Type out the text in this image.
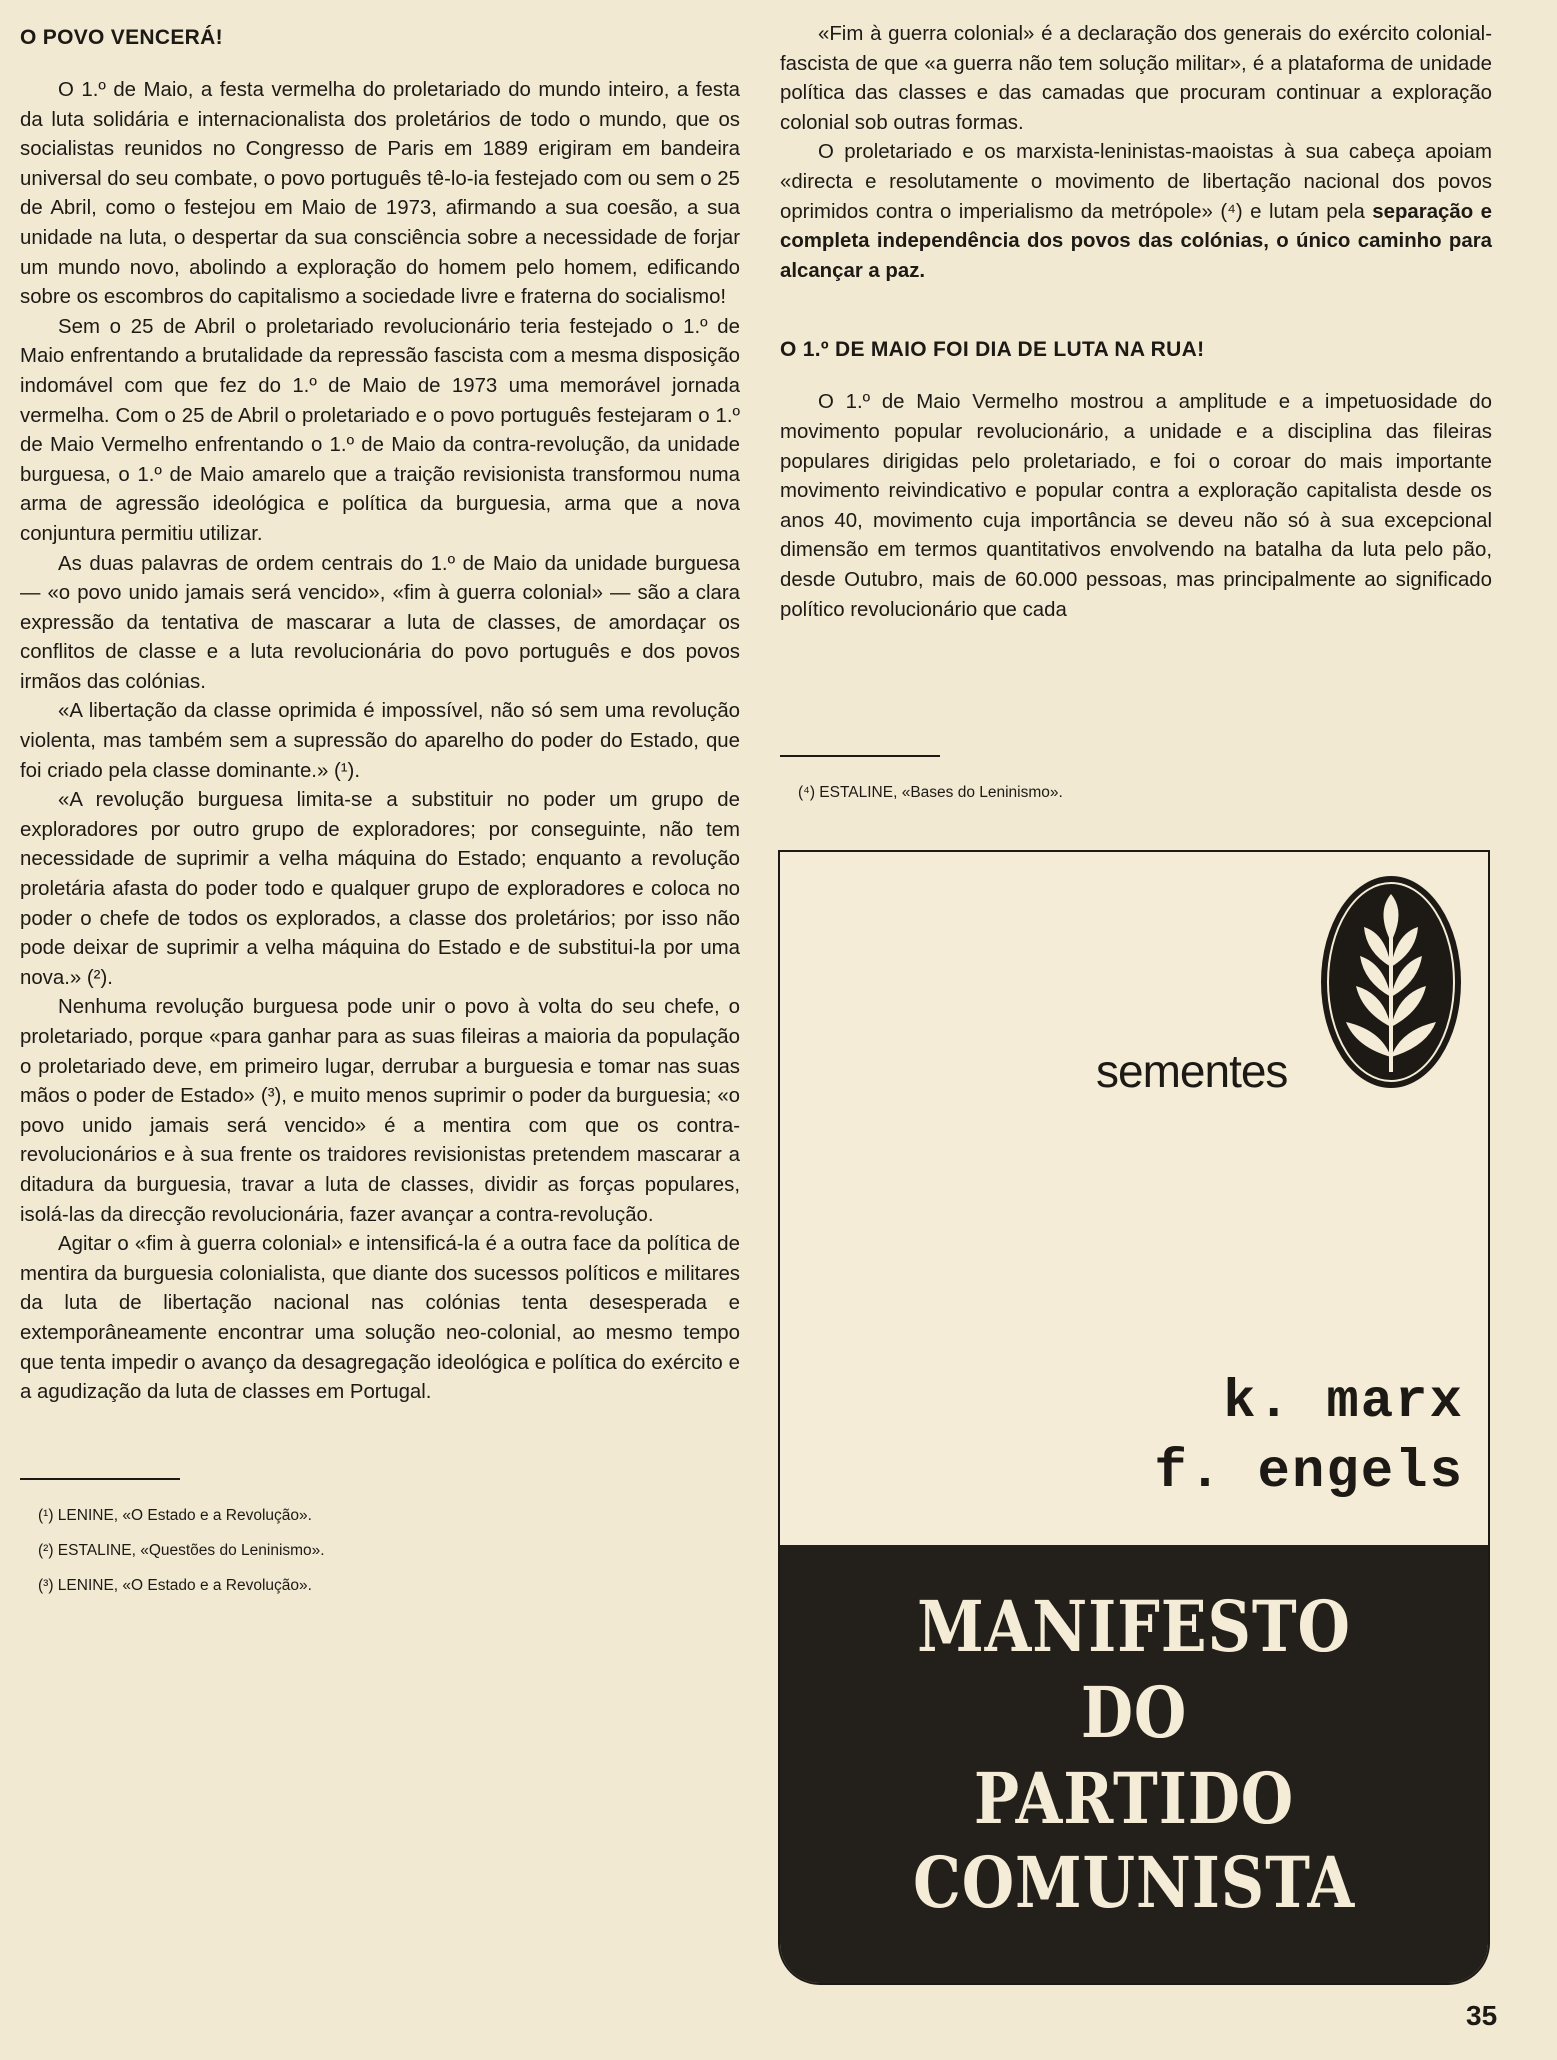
O POVO VENCERÁ!

O 1.º de Maio, a festa vermelha do proletariado do mundo inteiro, a festa da luta solidária e internacionalista dos proletários de todo o mundo, que os socialistas reunidos no Congresso de Paris em 1889 erigiram em bandeira universal do seu combate, o povo português tê-lo-ia festejado com ou sem o 25 de Abril, como o festejou em Maio de 1973, afirmando a sua coesão, a sua unidade na luta, o despertar da sua consciência sobre a necessidade de forjar um mundo novo, abolindo a exploração do homem pelo homem, edificando sobre os escombros do capitalismo a sociedade livre e fraterna do socialismo!

Sem o 25 de Abril o proletariado revolucionário teria festejado o 1.º de Maio enfrentando a brutalidade da repressão fascista com a mesma disposição indomável com que fez do 1.º de Maio de 1973 uma memorável jornada vermelha. Com o 25 de Abril o proletariado e o povo português festejaram o 1.º de Maio Vermelho enfrentando o 1.º de Maio da contra-revolução, da unidade burguesa, o 1.º de Maio amarelo que a traição revisionista transformou numa arma de agressão ideológica e política da burguesia, arma que a nova conjuntura permitiu utilizar.

As duas palavras de ordem centrais do 1.º de Maio da unidade burguesa — «o povo unido jamais será vencido», «fim à guerra colonial» — são a clara expressão da tentativa de mascarar a luta de classes, de amordaçar os conflitos de classe e a luta revolucionária do povo português e dos povos irmãos das colónias.

«A libertação da classe oprimida é impossível, não só sem uma revolução violenta, mas também sem a supressão do aparelho do poder do Estado, que foi criado pela classe dominante.» (¹).

«A revolução burguesa limita-se a substituir no poder um grupo de exploradores por outro grupo de exploradores; por conseguinte, não tem necessidade de suprimir a velha máquina do Estado; enquanto a revolução proletária afasta do poder todo e qualquer grupo de exploradores e coloca no poder o chefe de todos os explorados, a classe dos proletários; por isso não pode deixar de suprimir a velha máquina do Estado e de substitui-la por uma nova.» (²).

Nenhuma revolução burguesa pode unir o povo à volta do seu chefe, o proletariado, porque «para ganhar para as suas fileiras a maioria da população o proletariado deve, em primeiro lugar, derrubar a burguesia e tomar nas suas mãos o poder de Estado» (³), e muito menos suprimir o poder da burguesia; «o povo unido jamais será vencido» é a mentira com que os contra-revolucionários e à sua frente os traidores revisionistas pretendem mascarar a ditadura da burguesia, travar a luta de classes, dividir as forças populares, isolá-las da direcção revolucionária, fazer avançar a contra-revolução.

Agitar o «fim à guerra colonial» e intensificá-la é a outra face da política de mentira da burguesia colonialista, que diante dos sucessos políticos e militares da luta de libertação nacional nas colónias tenta desesperada e extemporâneamente encontrar uma solução neo-colonial, ao mesmo tempo que tenta impedir o avanço da desagregação ideológica e política do exército e a agudização da luta de classes em Portugal.

(¹) LENINE, «O Estado e a Revolução».
(²) ESTALINE, «Questões do Leninismo».
(³) LENINE, «O Estado e a Revolução».

«Fim à guerra colonial» é a declaração dos generais do exército colonial-fascista de que «a guerra não tem solução militar», é a plataforma de unidade política das classes e das camadas que procuram continuar a exploração colonial sob outras formas.

O proletariado e os marxista-leninistas-maoistas à sua cabeça apoiam «directa e resolutamente o movimento de libertação nacional dos povos oprimidos contra o imperialismo da metrópole» (⁴) e lutam pela separação e completa independência dos povos das colónias, o único caminho para alcançar a paz.

O 1.º DE MAIO FOI DIA DE LUTA NA RUA!

O 1.º de Maio Vermelho mostrou a amplitude e a impetuosidade do movimento popular revolucionário, a unidade e a disciplina das fileiras populares dirigidas pelo proletariado, e foi o coroar do mais importante movimento reivindicativo e popular contra a exploração capitalista desde os anos 40, movimento cuja importância se deveu não só à sua excepcional dimensão em termos quantitativos envolvendo na batalha da luta pelo pão, desde Outubro, mais de 60.000 pessoas, mas principalmente ao significado político revolucionário que cada

(⁴) ESTALINE, «Bases do Leninismo».
sementes
k. marx
f. engels
MANIFESTO
DO
PARTIDO
COMUNISTA
35
